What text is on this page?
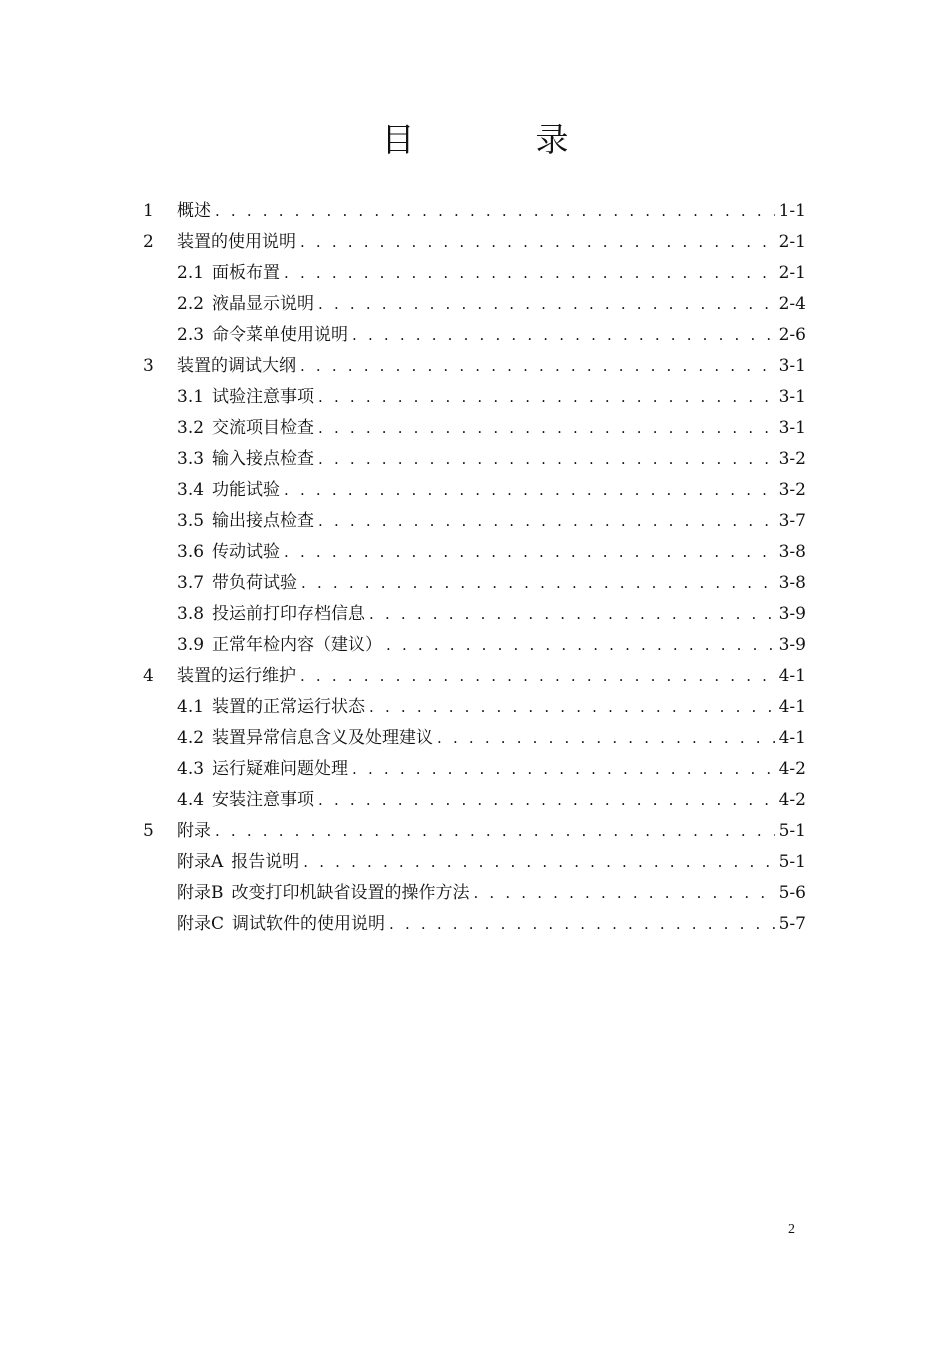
目　录
1	概述 . . .	1-1
2	装置的使用说明 . . .	2-1
2.1 面板布置 . . .	2-1
2.2 液晶显示说明 . . .	2-4
2.3 命令菜单使用说明 . . .	2-6
3	装置的调试大纲 . . .	3-1
3.1 试验注意事项 . . .	3-1
3.2 交流项目检查 . . .	3-1
3.3 输入接点检查 . . .	3-2
3.4 功能试验 . . .	3-2
3.5 输出接点检查 . . .	3-7
3.6 传动试验 . . .	3-8
3.7 带负荷试验 . . .	3-8
3.8 投运前打印存档信息 . . .	3-9
3.9 正常年检内容（建议） . . .	3-9
4	装置的运行维护 . . .	4-1
4.1 装置的正常运行状态 . . .	4-1
4.2 装置异常信息含义及处理建议 . . .	4-1
4.3 运行疑难问题处理 . . .	4-2
4.4 安装注意事项 . . .	4-2
5	附录 . . .	5-1
附录A 报告说明 . . .	5-1
附录B 改变打印机缺省设置的操作方法 . . .	5-6
附录C 调试软件的使用说明 . . .	5-7
2
